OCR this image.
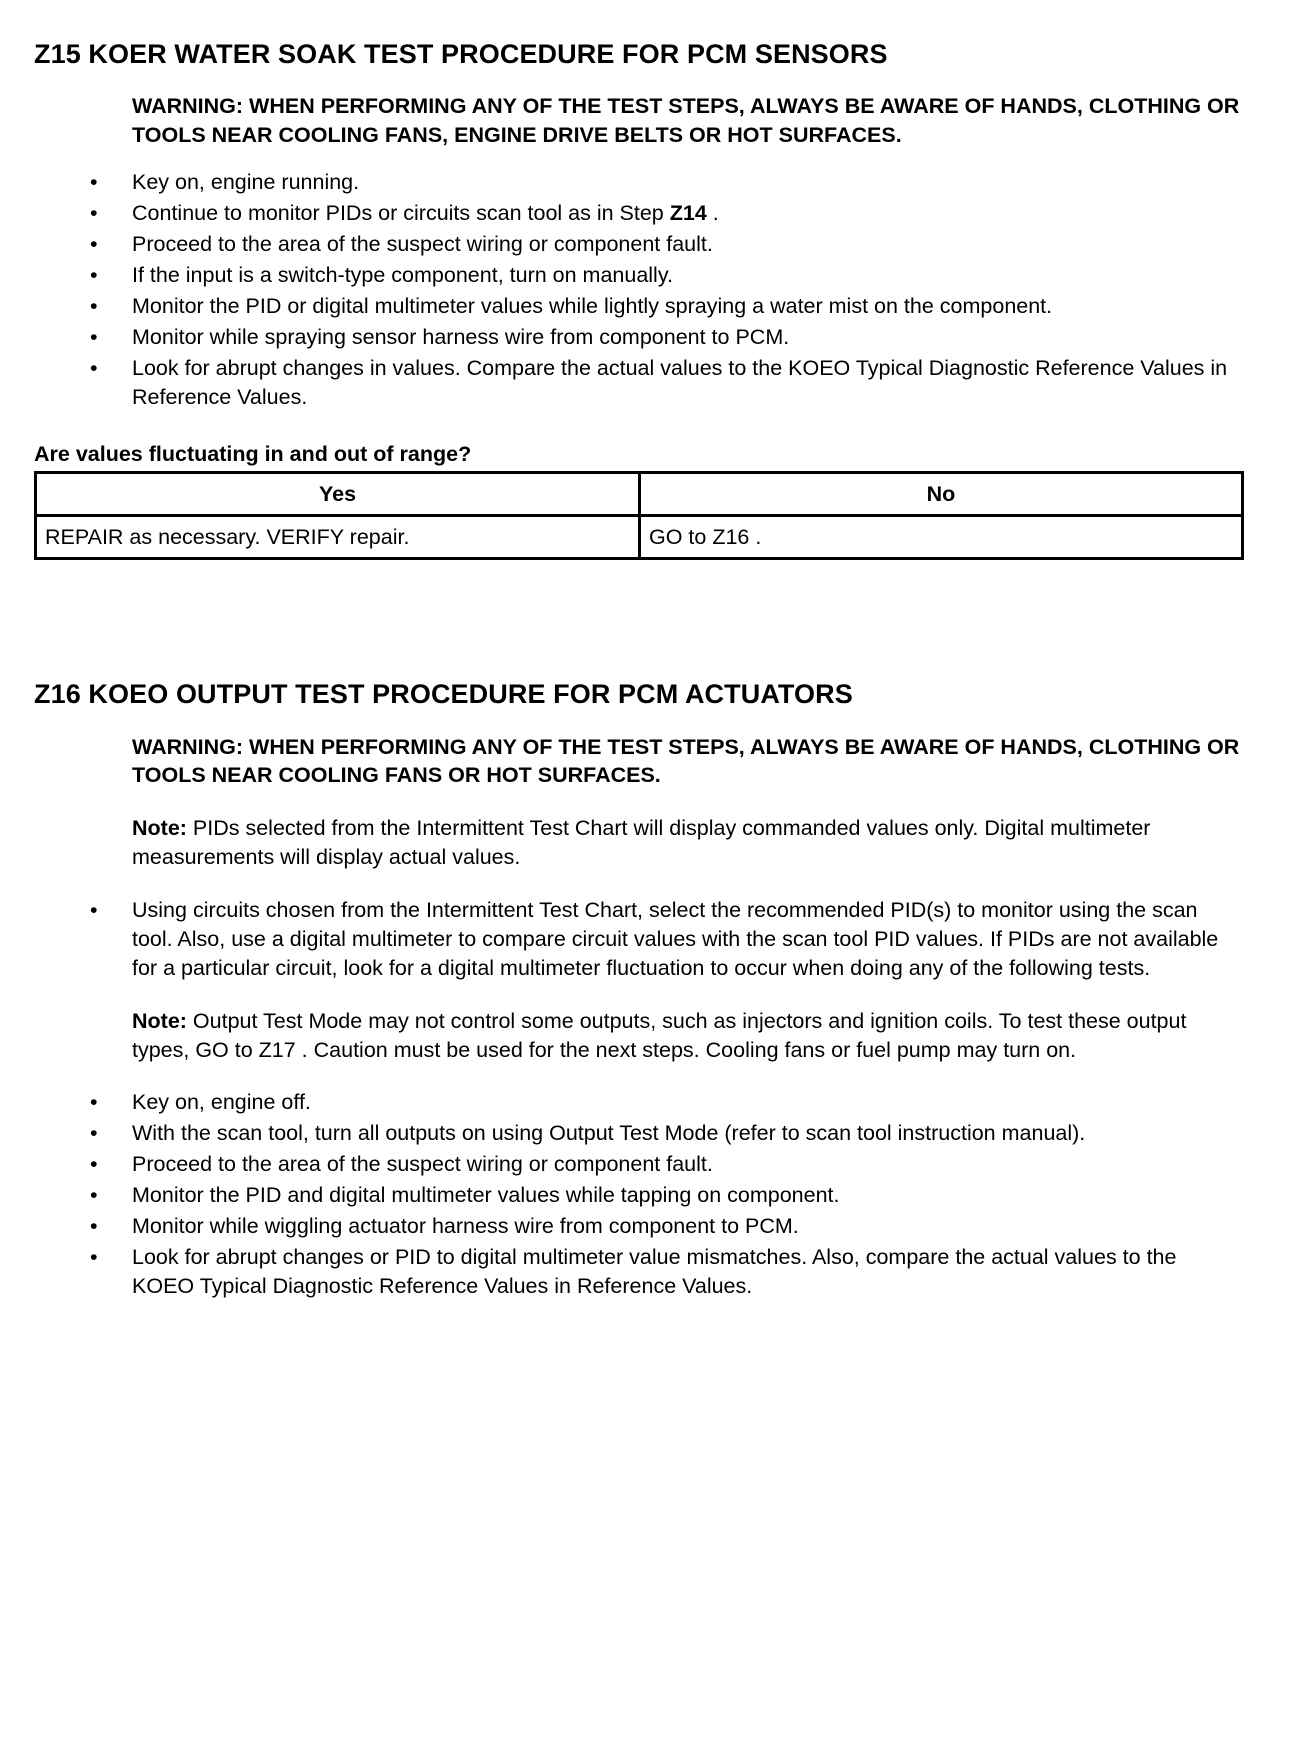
Z15 KOER WATER SOAK TEST PROCEDURE FOR PCM SENSORS
WARNING: WHEN PERFORMING ANY OF THE TEST STEPS, ALWAYS BE AWARE OF HANDS, CLOTHING OR TOOLS NEAR COOLING FANS, ENGINE DRIVE BELTS OR HOT SURFACES.
• Key on, engine running.
• Continue to monitor PIDs or circuits scan tool as in Step Z14 .
• Proceed to the area of the suspect wiring or component fault.
• If the input is a switch-type component, turn on manually.
• Monitor the PID or digital multimeter values while lightly spraying a water mist on the component.
• Monitor while spraying sensor harness wire from component to PCM.
• Look for abrupt changes in values. Compare the actual values to the KOEO Typical Diagnostic Reference Values in Reference Values.
Are values fluctuating in and out of range?
Yes	No
REPAIR as necessary. VERIFY repair.	GO to Z16 .
Z16 KOEO OUTPUT TEST PROCEDURE FOR PCM ACTUATORS
WARNING: WHEN PERFORMING ANY OF THE TEST STEPS, ALWAYS BE AWARE OF HANDS, CLOTHING OR TOOLS NEAR COOLING FANS OR HOT SURFACES.
Note: PIDs selected from the Intermittent Test Chart will display commanded values only. Digital multimeter measurements will display actual values.
• Using circuits chosen from the Intermittent Test Chart, select the recommended PID(s) to monitor using the scan tool. Also, use a digital multimeter to compare circuit values with the scan tool PID values. If PIDs are not available for a particular circuit, look for a digital multimeter fluctuation to occur when doing any of the following tests.
Note: Output Test Mode may not control some outputs, such as injectors and ignition coils. To test these output types, GO to Z17 . Caution must be used for the next steps. Cooling fans or fuel pump may turn on.
• Key on, engine off.
• With the scan tool, turn all outputs on using Output Test Mode (refer to scan tool instruction manual).
• Proceed to the area of the suspect wiring or component fault.
• Monitor the PID and digital multimeter values while tapping on component.
• Monitor while wiggling actuator harness wire from component to PCM.
• Look for abrupt changes or PID to digital multimeter value mismatches. Also, compare the actual values to the KOEO Typical Diagnostic Reference Values in Reference Values.
